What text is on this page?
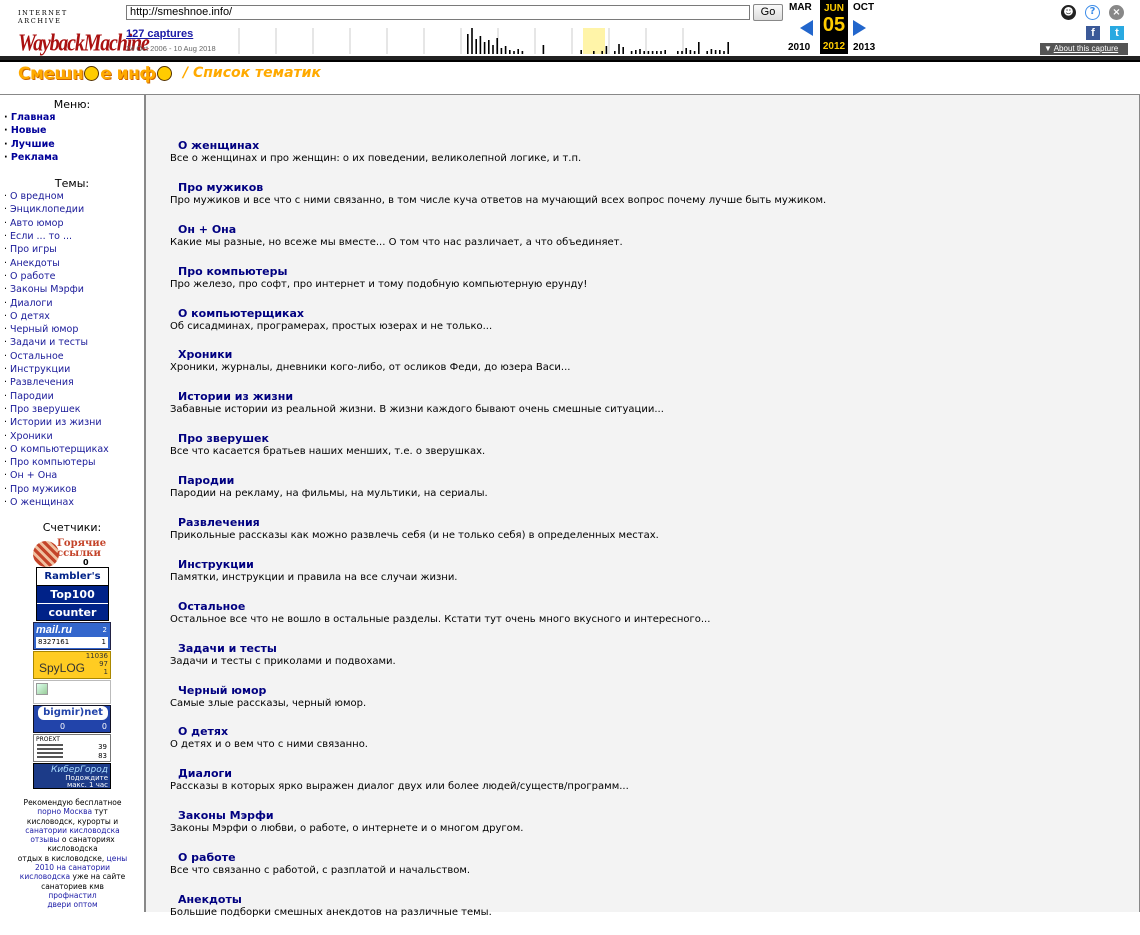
INTERNET ARCHIVE
WaybackMachine
http://smeshnoe.info/	Go
127 captures
24 Oct 2006 - 10 Aug 2018
MAR
2010
JUN
05
2012
OCT
2013
☻	?	×
f	t
▼ About this capture
Смешн е инф	/ Список тематик
Меню:
· Главная
· Новые
· Лучшие
· Реклама
Темы:
· О вредном
· Энциклопедии
· Авто юмор
· Если ... то ...
· Про игры
· Анекдоты
· О работе
· Законы Мэрфи
· Диалоги
· О детях
· Черный юмор
· Задачи и тесты
· Остальное
· Инструкции
· Развлечения
· Пародии
· Про зверушек
· Истории из жизни
· Хроники
· О компьютерщиках
· Про компьютеры
· Он + Она
· Про мужиков
· О женщинах
Счетчики:
Горячие ссылки
0
Rambler's
Top100
counter
mail.ru	2
8327161	1
SpyLOG
11036
97
1
bigmir)net
0	0
PROEXT
39
83
КиберГород
Подождите
макс. 1 час
Рекомендую бесплатное
порно Москва тут
кисловодск, курорты и
санатории кисловодска
отзывы о санаториях
кисловодска
отдых в кисловодске, цены
2010 на санатории
кисловодска уже на сайте
санаториев кмв
профнастил
двери оптом
О женщинах
Все о женщинах и про женщин: о их поведении, великолепной логике, и т.п.
Про мужиков
Про мужиков и все что с ними связанно, в том числе куча ответов на мучающий всех вопрос почему лучше быть мужиком.
Он + Она
Какие мы разные, но всеже мы вместе... О том что нас различает, а что объединяет.
Про компьютеры
Про железо, про софт, про интернет и тому подобную компьютерную ерунду!
О компьютерщиках
Об сисадминах, програмерах, простых юзерах и не только...
Хроники
Хроники, журналы, дневники кого-либо, от осликов Феди, до юзера Васи...
Истории из жизни
Забавные истории из реальной жизни. В жизни каждого бывают очень смешные ситуации...
Про зверушек
Все что касается братьев наших менших, т.е. о зверушках.
Пародии
Пародии на рекламу, на фильмы, на мультики, на сериалы.
Развлечения
Прикольные рассказы как можно развлечь себя (и не только себя) в определенных местах.
Инструкции
Памятки, инструкции и правила на все случаи жизни.
Остальное
Остальное все что не вошло в остальные разделы. Кстати тут очень много вкусного и интересного...
Задачи и тесты
Задачи и тесты с приколами и подвохами.
Черный юмор
Самые злые рассказы, черный юмор.
О детях
О детях и о вем что с ними связанно.
Диалоги
Рассказы в которых ярко выражен диалог двух или более людей/существ/программ...
Законы Мэрфи
Законы Мэрфи о любви, о работе, о интернете и о многом другом.
О работе
Все что связанно с работой, с разплатой и начальством.
Анекдоты
Большие подборки смешных анекдотов на различные темы.
